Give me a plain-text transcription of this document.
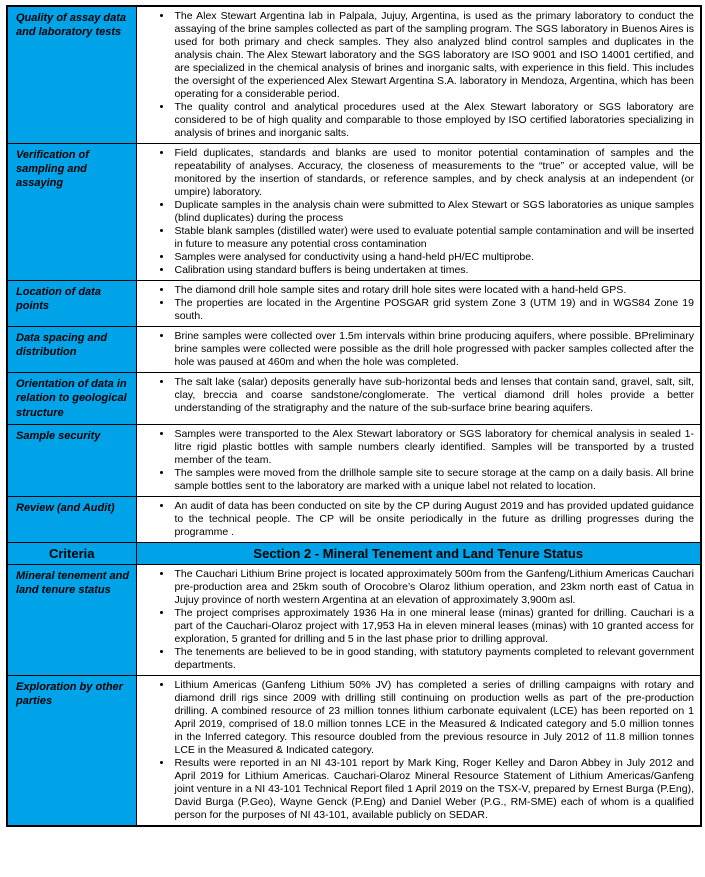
Quality of assay data and laboratory tests	
• The Alex Stewart Argentina lab in Palpala, Jujuy, Argentina, is used as the primary laboratory to conduct the assaying of the brine samples collected as part of the sampling program. The SGS laboratory in Buenos Aires is used for both primary and check samples. They also analyzed blind control samples and duplicates in the analysis chain. The Alex Stewart laboratory and the SGS laboratory are ISO 9001 and ISO 14001 certified, and are specialized in the chemical analysis of brines and inorganic salts, with experience in this field. This includes the oversight of the experienced Alex Stewart Argentina S.A. laboratory in Mendoza, Argentina, which has been operating for a considerable period.
• The quality control and analytical procedures used at the Alex Stewart laboratory or SGS laboratory are considered to be of high quality and comparable to those employed by ISO certified laboratories specializing in analysis of brines and inorganic salts.

Verification of sampling and assaying	
• Field duplicates, standards and blanks are used to monitor potential contamination of samples and the repeatability of analyses. Accuracy, the closeness of measurements to the “true” or accepted value, will be monitored by the insertion of standards, or reference samples, and by check analysis at an independent (or umpire) laboratory.
• Duplicate samples in the analysis chain were submitted to Alex Stewart or SGS laboratories as unique samples (blind duplicates) during the process
• Stable blank samples (distilled water) were used to evaluate potential sample contamination and will be inserted in future to measure any potential cross contamination
• Samples were analysed for conductivity using a hand-held pH/EC multiprobe.
• Calibration using standard buffers is being undertaken at times.

Location of data points	
• The diamond drill hole sample sites and rotary drill hole sites were located with a hand-held GPS.
• The properties are located in the Argentine POSGAR grid system Zone 3 (UTM 19) and in WGS84 Zone 19 south.

Data spacing and distribution	
• Brine samples were collected over 1.5m intervals within brine producing aquifers, where possible. BPreliminary brine samples were collected were possible as the drill hole progressed with packer samples collected after the hole was paused at 460m and when the hole was completed.

Orientation of data in relation to geological structure	
• The salt lake (salar) deposits generally have sub-horizontal beds and lenses that contain sand, gravel, salt, silt, clay, breccia and coarse sandstone/conglomerate. The vertical diamond drill holes provide a better understanding of the stratigraphy and the nature of the sub-surface brine bearing aquifers.

Sample security	
•Samples were transported to the Alex Stewart laboratory or SGS laboratory for chemical analysis in sealed 1-litre rigid plastic bottles with sample numbers clearly identified. Samples will be transported by a trusted member of the team.
• The samples were moved from the drillhole sample site to secure storage at the camp on a daily basis. All brine sample bottles sent to the laboratory are marked with a unique label not related to location.

Review (and Audit)	
•An audit of data has been conducted on site by the CP during August 2019 and has provided updated guidance to the technical people. The CP will be onsite periodically in the future as drilling progresses during the programme .

Criteria	Section 2 - Mineral Tenement and Land Tenure Status
Mineral tenement and land tenure status	
• The Cauchari Lithium Brine project is located approximately 500m from the Ganfeng/Lithium Americas Cauchari pre-production area and 25km south of Orocobre’s Olaroz lithium operation, and 23km north east of Catua in Jujuy province of north western Argentina at an elevation of approximately 3,900m asl.
• The project comprises approximately 1936 Ha in one mineral lease (minas) granted for drilling. Cauchari is a part of the Cauchari-Olaroz project with 17,953 Ha in eleven mineral leases (minas) with 10 granted access for exploration, 5 granted for drilling and 5 in the last phase prior to drilling approval.
• The tenements are believed to be in good standing, with statutory payments completed to relevant government departments.

Exploration by other parties	
• Lithium Americas (Ganfeng Lithium 50% JV) has completed a series of drilling campaigns with rotary and diamond drill rigs since 2009 with drilling still continuing on production wells as part of the pre-production drilling. A combined resource of 23 million tonnes lithium carbonate equivalent (LCE) has been reported on 1 April 2019, comprised of 18.0 million tonnes LCE in the Measured & Indicated category and 5.0 million tonnes in the Inferred category. This resource doubled from the previous resource in July 2012 of 11.8 million tonnes LCE in the Measured & Indicated category.
• Results were reported in an NI 43-101 report by Mark King, Roger Kelley and Daron Abbey in July 2012 and April 2019 for Lithium Americas. Cauchari-Olaroz Mineral Resource Statement of Lithium Americas/Ganfeng joint venture in a NI 43-101 Technical Report filed 1 April 2019 on the TSX-V, prepared by Ernest Burga (P.Eng), David Burga (P.Geo), Wayne Genck (P.Eng) and Daniel Weber (P.G., RM-SME) each of whom is a qualified person for the purposes of NI 43-101, available publicly on SEDAR.
